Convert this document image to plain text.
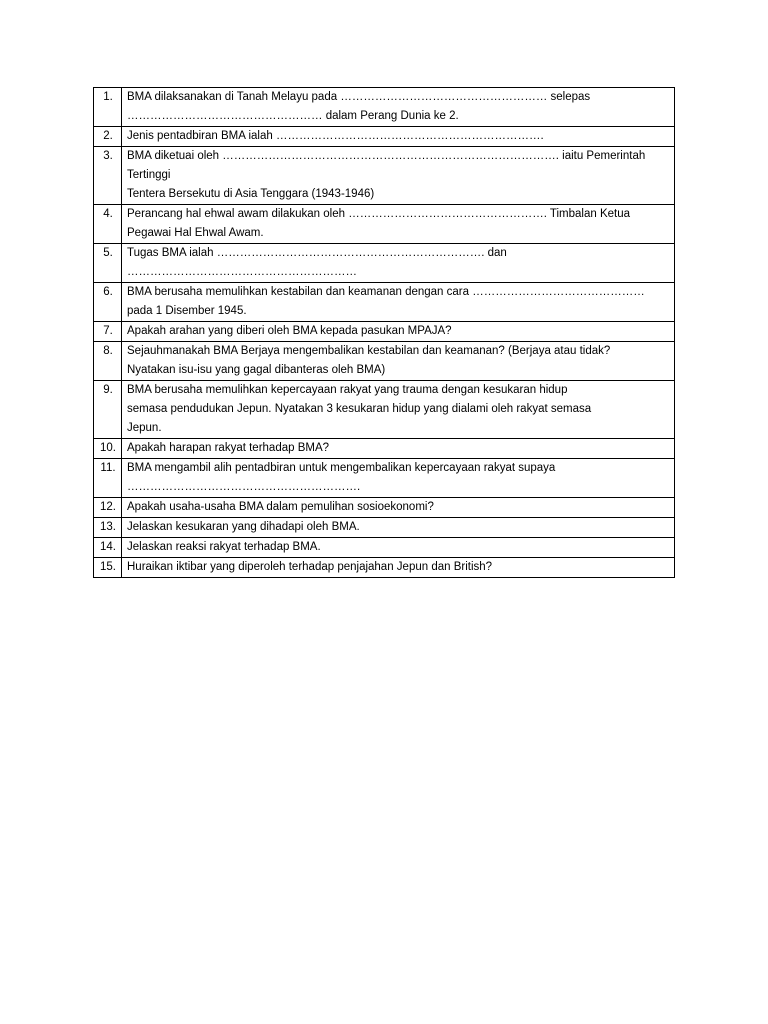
1.	BMA dilaksanakan di Tanah Melayu pada ……………………………………………… selepas
…………………………………………… dalam Perang Dunia ke 2.

2.	Jenis pentadbiran BMA ialah …………………………………………………………….

3.	BMA diketuai oleh ……………………………………………………………………………. iaitu Pemerintah Tertinggi
Tentera Bersekutu di Asia Tenggara (1943-1946)

4.	Perancang hal ehwal awam dilakukan oleh ……………………………………………. Timbalan Ketua
Pegawai Hal Ehwal Awam.

5.	Tugas BMA ialah ……………………………………………………………. dan ……………………………………………………

6.	BMA berusaha memulihkan kestabilan dan keamanan dengan cara ………………………………………
pada 1 Disember 1945.

7.	Apakah arahan yang diberi oleh BMA kepada pasukan MPAJA?

8.	Sejauhmanakah BMA Berjaya mengembalikan kestabilan dan keamanan? (Berjaya atau tidak?
Nyatakan isu-isu yang gagal dibanteras oleh BMA)

9.	BMA berusaha memulihkan kepercayaan rakyat yang trauma dengan kesukaran hidup
semasa pendudukan Jepun. Nyatakan 3 kesukaran hidup yang dialami oleh rakyat semasa
Jepun.

10.	Apakah harapan rakyat terhadap BMA?

11.	BMA mengambil alih pentadbiran untuk mengembalikan kepercayaan rakyat supaya
…………………………………………………….

12.	Apakah usaha-usaha BMA dalam pemulihan sosioekonomi?

13.	Jelaskan kesukaran yang dihadapi oleh BMA.

14.	Jelaskan reaksi rakyat terhadap BMA.

15.	Huraikan iktibar yang diperoleh terhadap penjajahan Jepun dan British?
